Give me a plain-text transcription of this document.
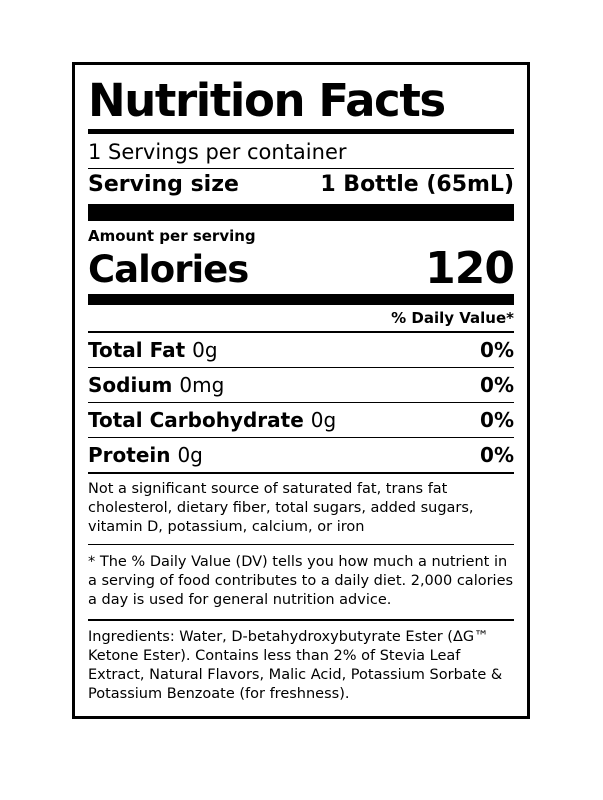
Nutrition Facts
1 Servings per container
Serving size	1 Bottle (65mL)
Amount per serving
Calories	120
% Daily Value*
Total Fat 0g	0%
Sodium 0mg	0%
Total Carbohydrate 0g	0%
Protein 0g	0%
Not a significant source of saturated fat, trans fat cholesterol, dietary fiber, total sugars, added sugars, vitamin D, potassium, calcium, or iron
* The % Daily Value (DV) tells you how much a nutrient in a serving of food contributes to a daily diet. 2,000 calories a day is used for general nutrition advice.
Ingredients: Water, D-betahydroxybutyrate Ester (ΔG™ Ketone Ester). Contains less than 2% of Stevia Leaf Extract, Natural Flavors, Malic Acid, Potassium Sorbate & Potassium Benzoate (for freshness).
